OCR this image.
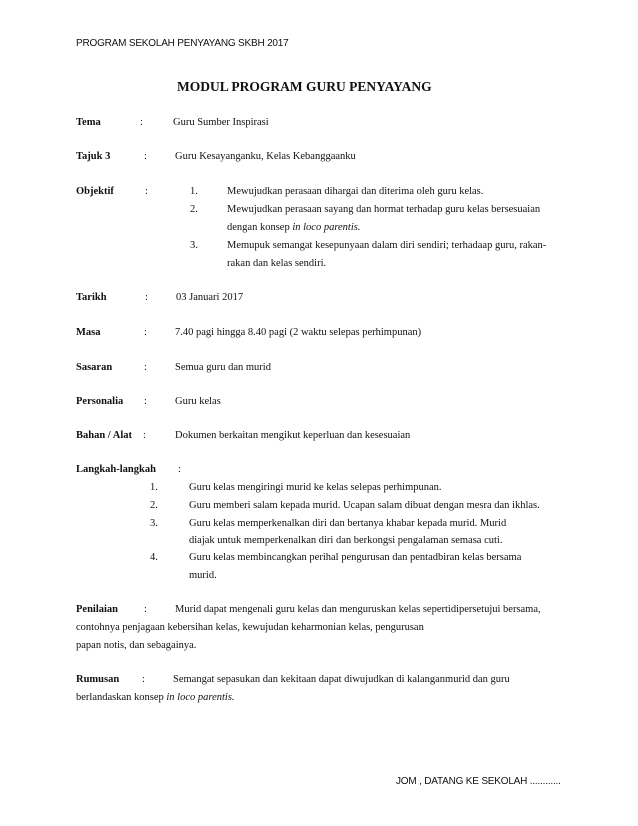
PROGRAM SEKOLAH PENYAYANG SKBH 2017
MODUL PROGRAM GURU PENYAYANG
Tema	:	Guru Sumber Inspirasi
Tajuk 3	:	Guru Kesayanganku, Kelas Kebanggaanku
Objektif	:	1.	Mewujudkan perasaan dihargai dan diterima oleh guru kelas.
2.	Mewujudkan perasaan sayang dan hormat terhadap guru kelas bersesuaian
dengan konsep in loco parentis.
3.	Memupuk semangat kesepunyaan dalam diri sendiri; terhadaap guru, rakan-
rakan dan kelas sendiri.
Tarikh	:	03 Januari 2017
Masa	:	7.40 pagi hingga 8.40 pagi (2 waktu selepas perhimpunan)
Sasaran	:	Semua guru dan murid
Personalia :	Guru kelas
Bahan / Alat :	Dokumen berkaitan mengikut keperluan dan kesesuaian
Langkah-langkah :
1.	Guru kelas mengiringi murid ke kelas selepas perhimpunan.
2.	Guru memberi salam kepada murid. Ucapan salam dibuat dengan mesra dan ikhlas.
3.	Guru kelas memperkenalkan diri dan bertanya khabar kepada murid. Murid
diajak untuk memperkenalkan diri dan berkongsi pengalaman semasa cuti.
4.	Guru kelas membincangkan perihal pengurusan dan pentadbiran kelas bersama
murid.
Penilaian :	Murid dapat mengenali guru kelas dan menguruskan kelas sepertidipersetujui bersama,
contohnya penjagaan kebersihan kelas, kewujudan keharmonian kelas, pengurusan
papan notis, dan sebagainya.
Rumusan :	Semangat sepasukan dan kekitaan dapat diwujudkan di kalanganmurid dan guru
berlandaskan konsep in loco parentis.
JOM , DATANG KE SEKOLAH ............
